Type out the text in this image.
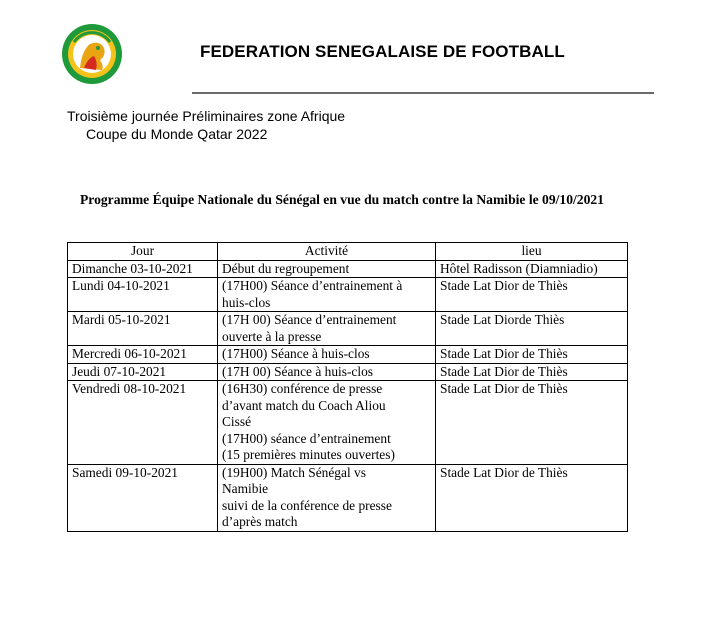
FEDERATION SENEGALAISE DE FOOTBALL
Troisième journée Préliminaires zone Afrique
Coupe du Monde Qatar 2022
Programme Équipe Nationale du Sénégal en vue du match contre la Namibie le 09/10/2021
Jour	Activité	lieu
Dimanche 03-10-2021	Début du regroupement	Hôtel Radisson (Diamniadio)
Lundi 04-10-2021	(17H00) Séance d’entrainement à
huis-clos	Stade Lat Dior de Thiès
Mardi 05-10-2021	(17H 00) Séance d’entrainement
ouverte à la presse	Stade Lat Diorde Thiès
Mercredi 06-10-2021	(17H00) Séance à huis-clos	Stade Lat Dior de Thiès
Jeudi 07-10-2021	(17H 00) Séance à huis-clos	Stade Lat Dior de Thiès
Vendredi 08-10-2021	(16H30) conférence de presse
d’avant match du Coach Aliou
Cissé
(17H00) séance d’entrainement
(15 premières minutes ouvertes)	Stade Lat Dior de Thiès
Samedi 09-10-2021	(19H00) Match Sénégal vs
Namibie
suivi de la conférence de presse
d’après match	Stade Lat Dior de Thiès
